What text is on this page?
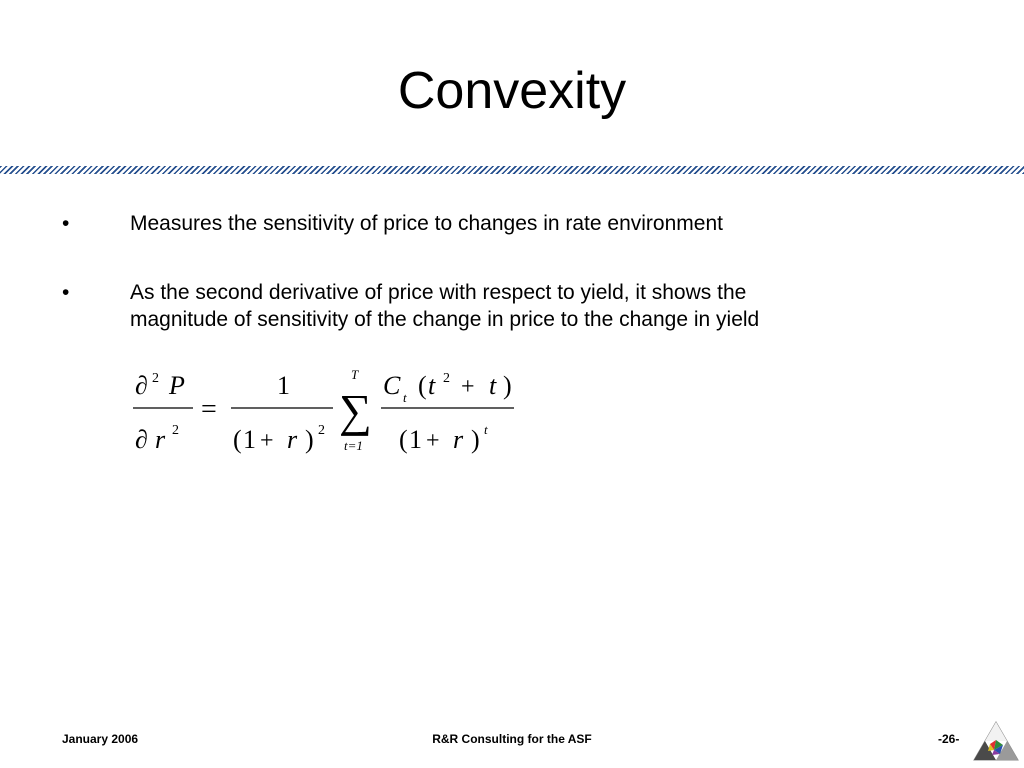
Convexity
•	Measures the sensitivity of price to changes in rate environment
•	As the second derivative of price with respect to yield, it shows the
magnitude of sensitivity of the change in price to the change in yield
∂ 2 P
∂ r 2
=
1
( 1 + r ) 2
T
∑
t=1
C t ( t 2 + t )
( 1 + r ) t
January 2006	R&R Consulting for the ASF	-26-
